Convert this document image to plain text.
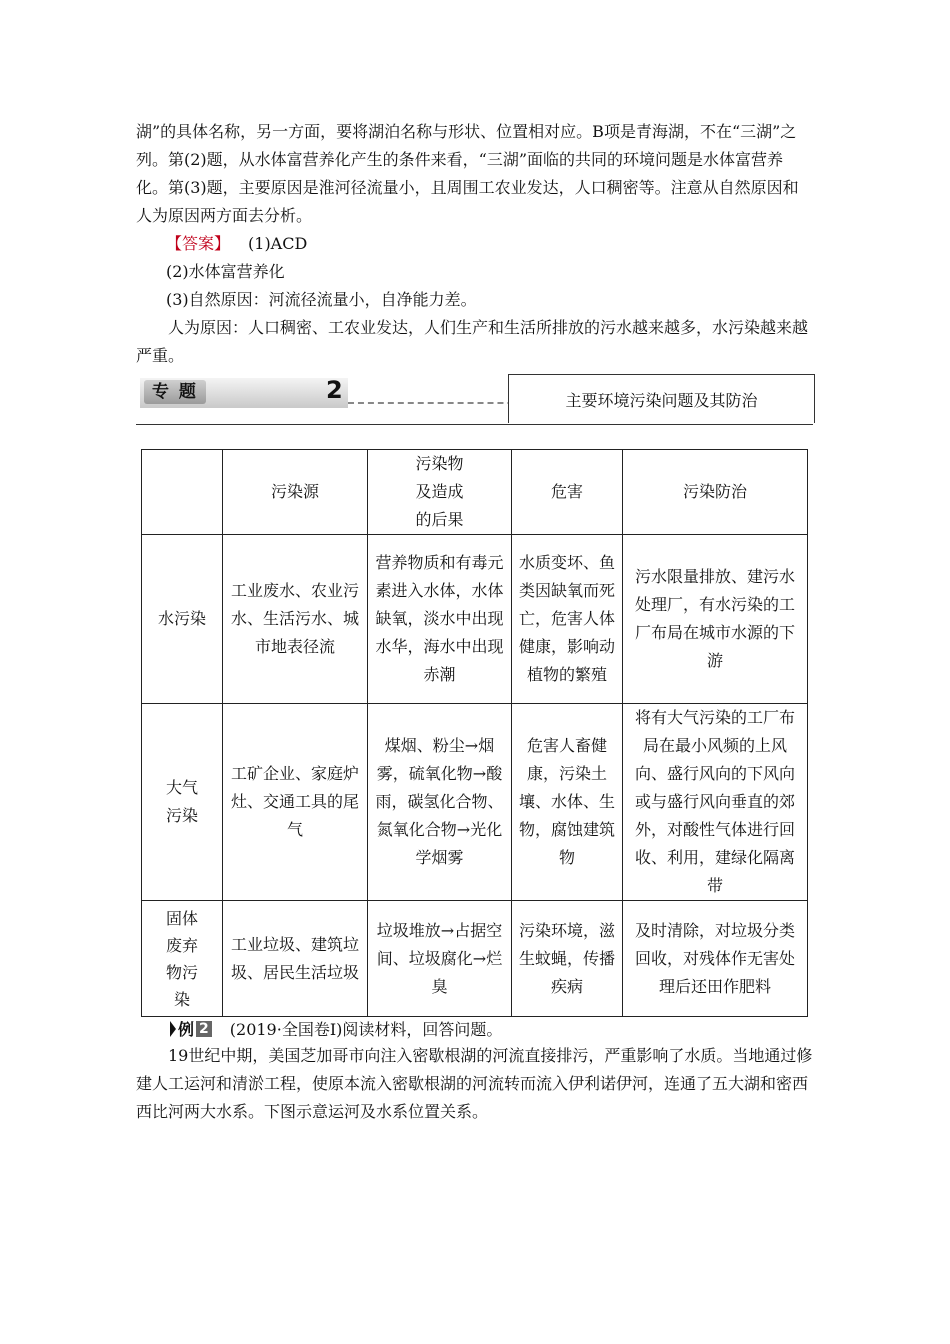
湖”的具体名称，另一方面，要将湖泊名称与形状、位置相对应。B项是青海湖，不在“三湖”之列。第(2)题，从水体富营养化产生的条件来看，“三湖”面临的共同的环境问题是水体富营养化。第(3)题，主要原因是淮河径流量小，且周围工农业发达，人口稠密等。注意从自然原因和人为原因两方面去分析。
【答案】 (1)ACD
(2)水体富营养化
(3)自然原因：河流径流量小，自净能力差。
人为原因：人口稠密、工农业发达，人们生产和生活所排放的污水越来越多，水污染越来越严重。
专 题	2	主要环境污染问题及其防治
	污染源	污染物
及造成
的后果	危害	污染防治
水污染	工业废水、农业污水、生活污水、城市地表径流	营养物质和有毒元素进入水体，水体缺氧，淡水中出现水华，海水中出现赤潮	水质变坏、鱼类因缺氧而死亡，危害人体健康，影响动植物的繁殖	污水限量排放、建污水处理厂，有水污染的工厂布局在城市水源的下游
大气
污染	工矿企业、家庭炉灶、交通工具的尾气	煤烟、粉尘→烟雾，硫氧化物→酸雨，碳氢化合物、氮氧化合物→光化学烟雾	危害人畜健康，污染土壤、水体、生物，腐蚀建筑物	将有大气污染的工厂布局在最小风频的上风向、盛行风向的下风向或与盛行风向垂直的郊外，对酸性气体进行回收、利用，建绿化隔离带
固体
废弃
物污
染	工业垃圾、建筑垃圾、居民生活垃圾	垃圾堆放→占据空间、垃圾腐化→烂臭	污染环境，滋生蚊蝇，传播疾病	及时清除，对垃圾分类回收，对残体作无害处理后还田作肥料
例 2 (2019·全国卷Ⅰ)阅读材料，回答问题。
19世纪中期，美国芝加哥市向注入密歇根湖的河流直接排污，严重影响了水质。当地通过修建人工运河和清淤工程，使原本流入密歇根湖的河流转而流入伊利诺伊河，连通了五大湖和密西西比河两大水系。下图示意运河及水系位置关系。
